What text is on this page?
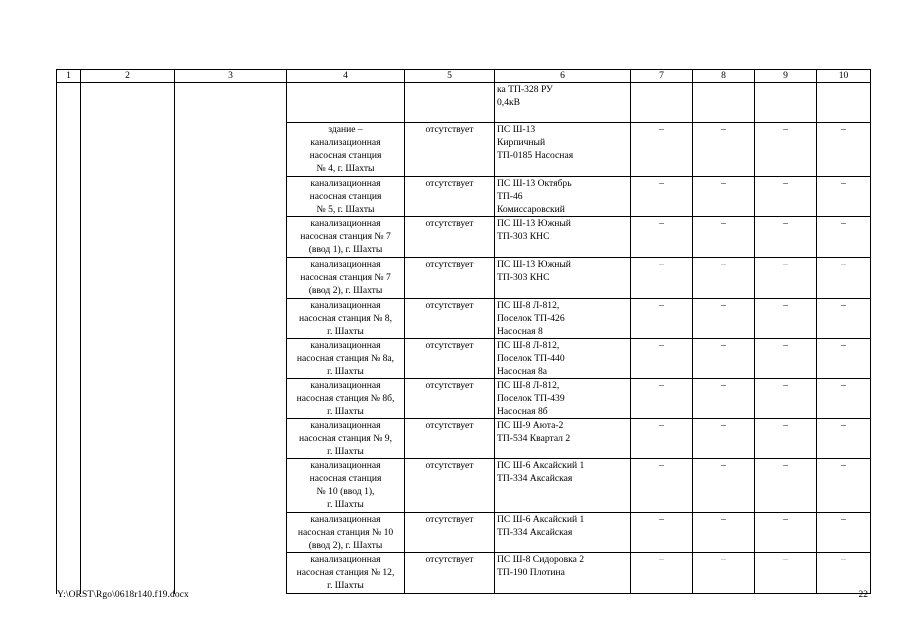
1	2	3	4	5	6	7	8	9	10
					ка ТП-328 РУ
0,4кВ				
			здание –
канализационная
насосная станция
№ 4, г. Шахты	отсутствует	ПС Ш-13
Кирпичный
ТП-0185 Насосная	–	–	–	–
			канализационная
насосная станция
№ 5, г. Шахты	отсутствует	ПС Ш-13 Октябрь
ТП-46
Комиссаровский	–	–	–	–
			канализационная
насосная станция № 7
(ввод 1), г. Шахты	отсутствует	ПС Ш-13 Южный
ТП-303 КНС	–	–	–	–
			канализационная
насосная станция № 7
(ввод 2), г. Шахты	отсутствует	ПС Ш-13 Южный
ТП-303 КНС	–	–	–	–
			канализационная
насосная станция № 8,
г. Шахты	отсутствует	ПС Ш-8 Л-812,
Поселок ТП-426
Насосная 8	–	–	–	–
			канализационная
насосная станция № 8а,
г. Шахты	отсутствует	ПС Ш-8 Л-812,
Поселок ТП-440
Насосная 8а	–	–	–	–
			канализационная
насосная станция № 8б,
г. Шахты	отсутствует	ПС Ш-8 Л-812,
Поселок ТП-439
Насосная 8б	–	–	–	–
			канализационная
насосная станция № 9,
г. Шахты	отсутствует	ПС Ш-9 Аюта-2
ТП-534 Квартал 2	–	–	–	–
			канализационная
насосная станция
№ 10 (ввод 1),
г. Шахты	отсутствует	ПС Ш-6 Аксайский 1
ТП-334 Аксайская	–	–	–	–
			канализационная
насосная станция № 10
(ввод 2), г. Шахты	отсутствует	ПС Ш-6 Аксайский 1
ТП-334 Аксайская	–	–	–	–
			канализационная
насосная станция № 12,
г. Шахты	отсутствует	ПС Ш-8 Сидоровка 2
ТП-190 Плотина	–	–	–	–
Y:\ORST\Rgo\0618r140.f19.docx	22
